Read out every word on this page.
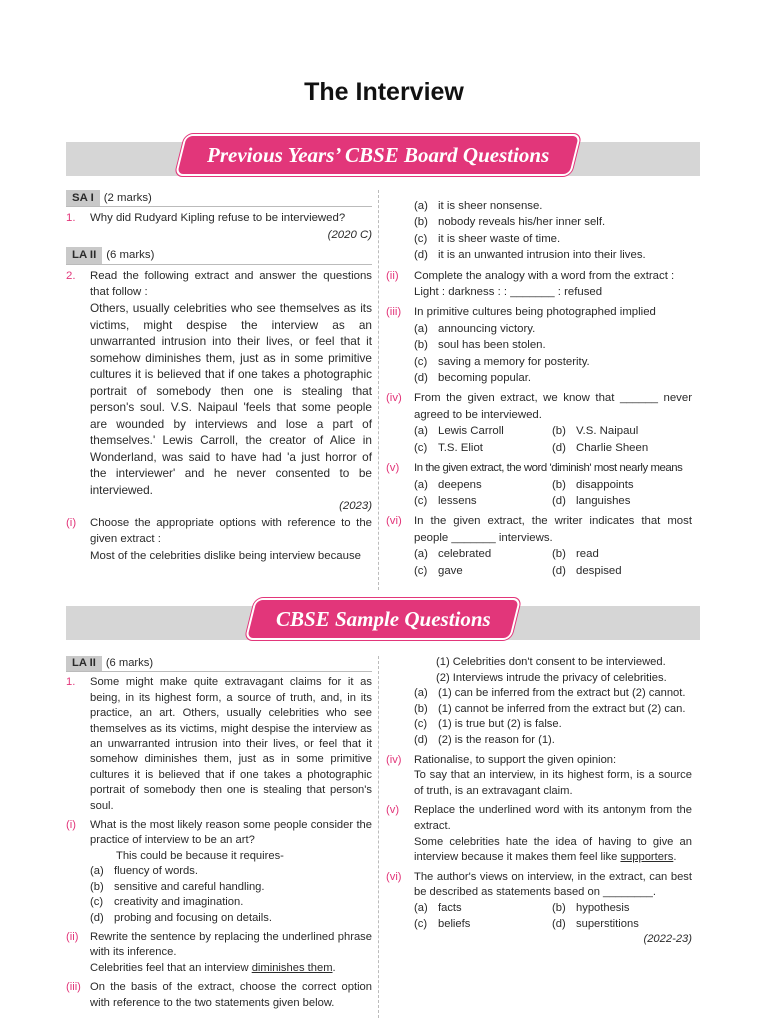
The Interview
Previous Years’ CBSE Board Questions
SA I (2 marks)
1.	Why did Rudyard Kipling refuse to be interviewed?
(2020 C)
LA II (6 marks)
2.	Read the following extract and answer the questions that follow :
Others, usually celebrities who see themselves as its victims, might despise the interview as an unwarranted intrusion into their lives, or feel that it somehow diminishes them, just as in some primitive cultures it is believed that if one takes a photographic portrait of somebody then one is stealing that person's soul. V.S. Naipaul 'feels that some people are wounded by interviews and lose a part of themselves.' Lewis Carroll, the creator of Alice in Wonderland, was said to have had 'a just horror of the interviewer' and he never consented to be interviewed.
(2023)
(i)	Choose the appropriate options with reference to the given extract :
Most of the celebrities dislike being interview because
(a) it is sheer nonsense.
(b) nobody reveals his/her inner self.
(c) it is sheer waste of time.
(d) it is an unwanted intrusion into their lives.
(ii)	Complete the analogy with a word from the extract :
Light : darkness : : _______ : refused
(iii)	In primitive cultures being photographed implied
(a) announcing victory.
(b) soul has been stolen.
(c) saving a memory for posterity.
(d) becoming popular.
(iv)	From the given extract, we know that ______ never agreed to be interviewed.
(a) Lewis Carroll	(b) V.S. Naipaul
(c) T.S. Eliot	(d) Charlie Sheen
(v)	In the given extract, the word 'diminish' most nearly means
(a) deepens	(b) disappoints
(c) lessens	(d) languishes
(vi)	In the given extract, the writer indicates that most people _______ interviews.
(a) celebrated	(b) read
(c) gave	(d) despised
CBSE Sample Questions
LA II (6 marks)
1.	Some might make quite extravagant claims for it as being, in its highest form, a source of truth, and, in its practice, an art. Others, usually celebrities who see themselves as its victims, might despise the interview as an unwarranted intrusion into their lives, or feel that it somehow diminishes them, just as in some primitive cultures it is believed that if one takes a photographic portrait of somebody then one is stealing that person's soul.
(i)	What is the most likely reason some people consider the practice of interview to be an art?
This could be because it requires-
(a) fluency of words.
(b) sensitive and careful handling.
(c) creativity and imagination.
(d) probing and focusing on details.
(ii)	Rewrite the sentence by replacing the underlined phrase with its inference.
Celebrities feel that an interview diminishes them.
(iii) On the basis of the extract, choose the correct option with reference to the two statements given below.
(1) Celebrities don't consent to be interviewed.
(2) Interviews intrude the privacy of celebrities.
(a) (1) can be inferred from the extract but (2) cannot.
(b) (1) cannot be inferred from the extract but (2) can.
(c) (1) is true but (2) is false.
(d) (2) is the reason for (1).
(iv)	Rationalise, to support the given opinion:
To say that an interview, in its highest form, is a source of truth, is an extravagant claim.
(v)	Replace the underlined word with its antonym from the extract.
Some celebrities hate the idea of having to give an interview because it makes them feel like supporters.
(vi)	The author's views on interview, in the extract, can best be described as statements based on ________.
(a) facts	(b) hypothesis
(c) beliefs	(d) superstitions
(2022-23)
